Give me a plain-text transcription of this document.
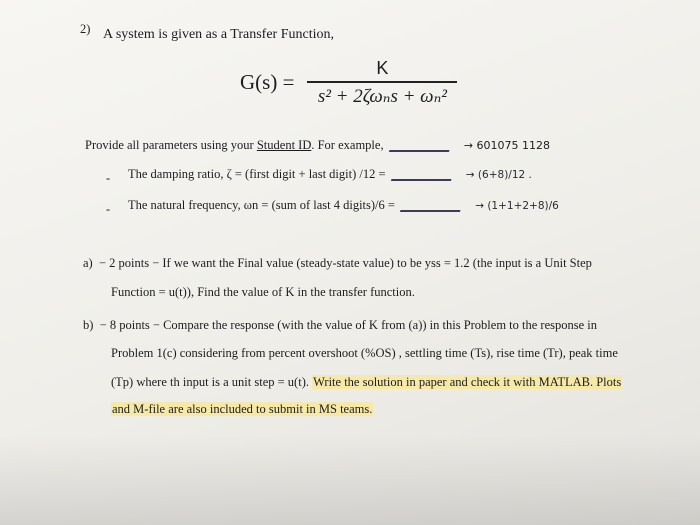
2) A system is given as a Transfer Function,
$G(s) = \frac{K}{\text{s² + 2ζωₙs + ωₙ²}}$
Provide all parameters using your Student ID. For example,	→ 601075 1128
- The damping ratio, ζ = (first digit + last digit) /12 =	→ (6+8)/12 .
- The natural frequency, ωn = (sum of last 4 digits)/6 =	→ (1+1+2+8)/6
a) − 2 points − If we want the Final value (steady-state value) to be yss = 1.2 (the input is a Unit Step
Function = u(t)), Find the value of K in the transfer function.
b) − 8 points − Compare the response (with the value of K from (a)) in this Problem to the response in
Problem 1(c) considering from percent overshoot (%OS) , settling time (Ts), rise time (Tr), peak time
(Tp) where th input is a unit step = u(t). Write the solution in paper and check it with MATLAB. Plots
and M-file are also included to submit in MS teams.
